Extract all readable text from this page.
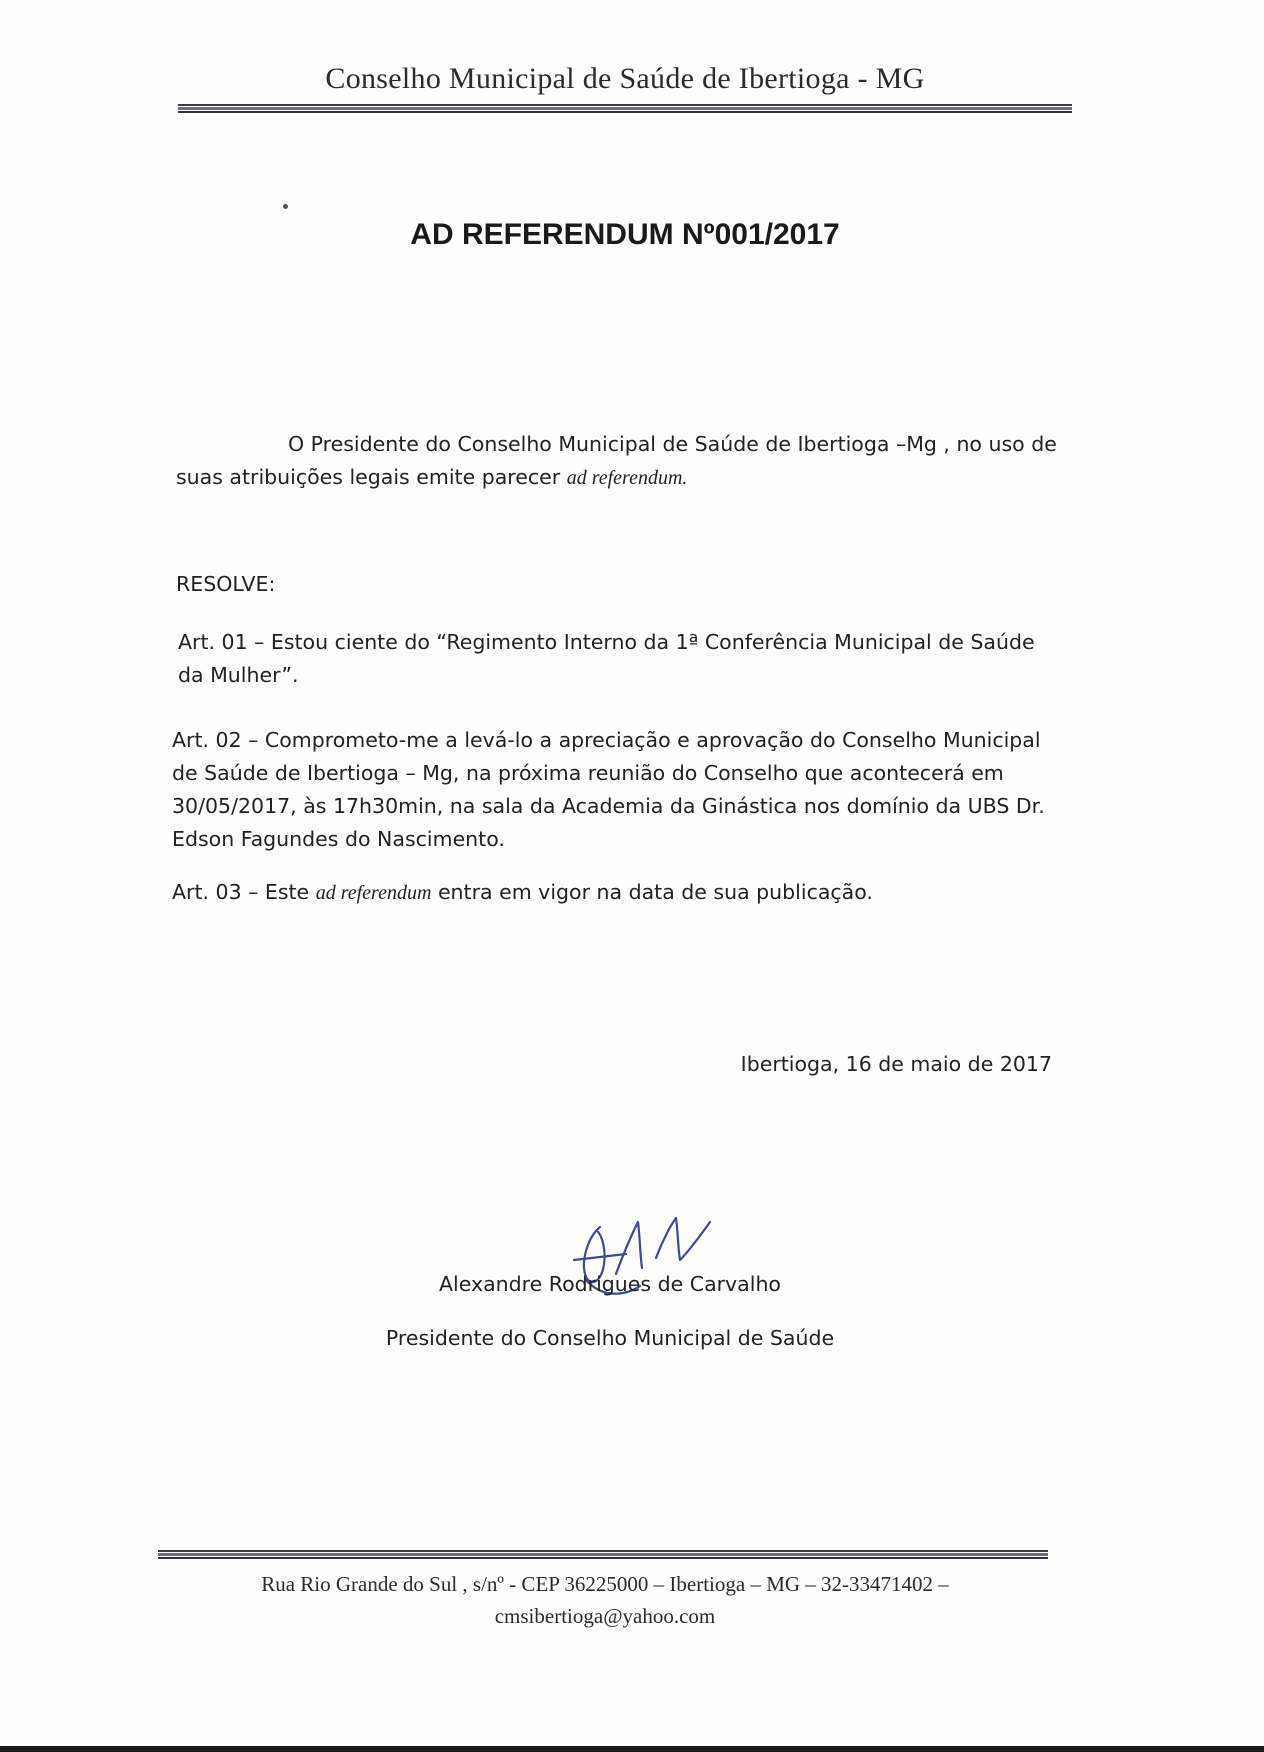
Conselho Municipal de Saúde de Ibertioga - MG
AD REFERENDUM Nº001/2017
O Presidente do Conselho Municipal de Saúde de Ibertioga –Mg , no uso de suas atribuições legais emite parecer ad referendum.
RESOLVE:
Art. 01 – Estou ciente do “Regimento Interno da 1ª Conferência Municipal de Saúde da Mulher”.
Art. 02 – Comprometo-me a levá-lo a apreciação e aprovação do Conselho Municipal de Saúde de Ibertioga – Mg, na próxima reunião do Conselho que acontecerá em 30/05/2017, às 17h30min, na sala da Academia da Ginástica nos domínio da UBS Dr. Edson Fagundes do Nascimento.
Art. 03 – Este ad referendum entra em vigor na data de sua publicação.
Ibertioga, 16 de maio de 2017
Alexandre Rodrigues de Carvalho
Presidente do Conselho Municipal de Saúde
Rua Rio Grande do Sul , s/nº - CEP 36225000 – Ibertioga – MG – 32-33471402 –
cmsibertioga@yahoo.com
